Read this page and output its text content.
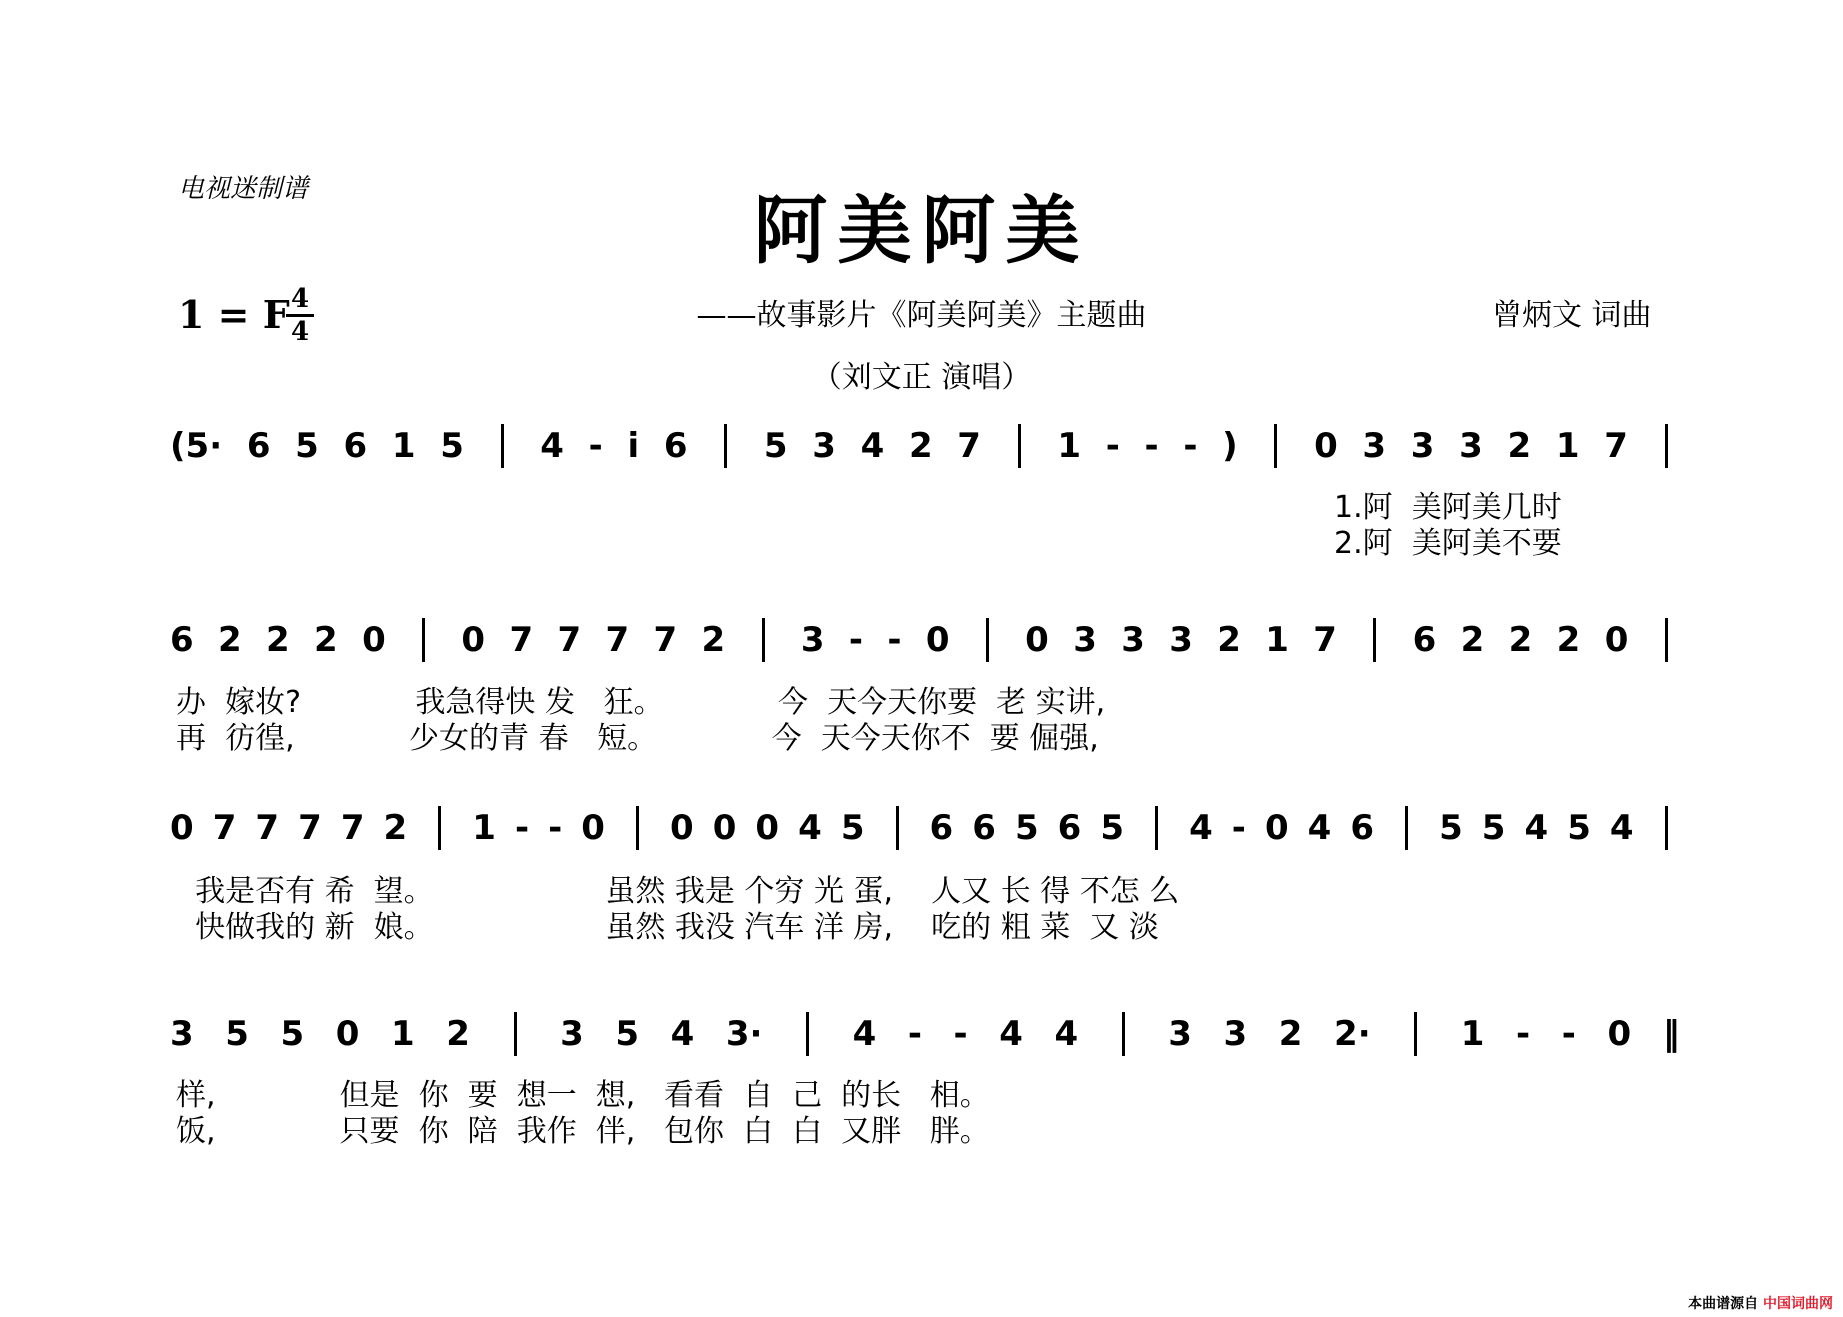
电视迷制谱	阿美阿美
1 = F 4
4	——故事影片《阿美阿美》主题曲	曾炳文 词曲
（刘文正 演唱）
(5· 6 5 6 1 5 4 - i 6 5 3 4 2 7 1 - - - ) 0 3 3 3 2 1 7
1.阿  美阿美几时
2.阿  美阿美不要
6 2 2 2 0 0 7 7 7 7 2 3 - - 0 0 3 3 3 2 1 7 6 2 2 2 0
办  嫁妆?            我急得快 发   狂。            今  天今天你要  老 实讲,
再  彷徨,            少女的青 春   短。            今  天今天你不  要 倔强,
0 7 7 7 7 2 1 - - 0 0 0 0 4 5 6 6 5 6 5 4 - 0 4 6 5 5 4 5 4
我是否有 希  望。                  虽然 我是 个穷 光 蛋,    人又 长 得 不怎 么
快做我的 新  娘。                  虽然 我没 汽车 洋 房,    吃的 粗 菜  又 淡
3 5 5 0 1 2	3 5 4 3·	4 - - 4 4	3 3 2 2·	1 - - 0 ‖
样,             但是  你  要  想一  想,   看看  自  己  的长   相。
饭,             只要  你  陪  我作  伴,   包你  白  白  又胖   胖。
本曲谱源自 中国词曲网
